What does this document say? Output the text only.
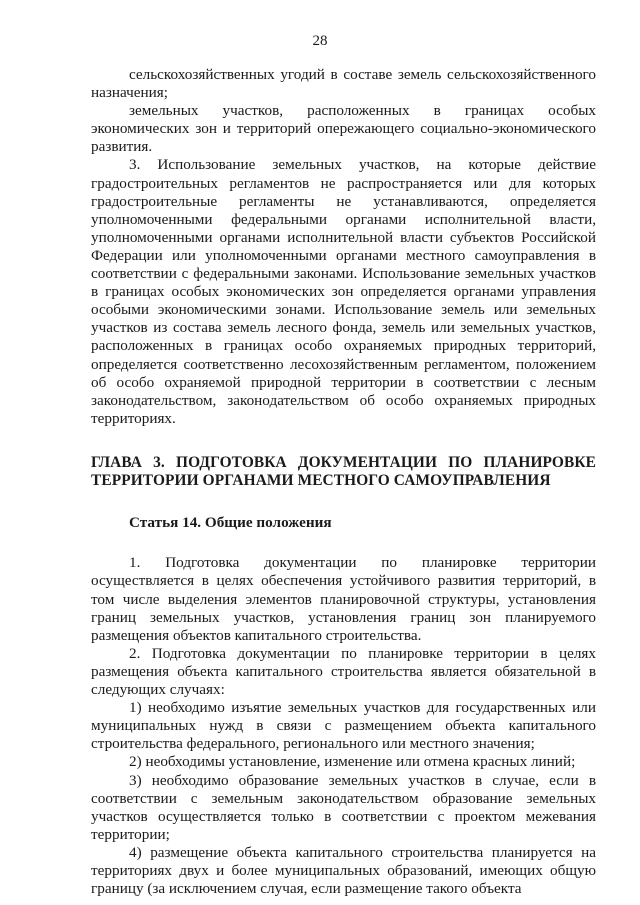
28

сельскохозяйственных угодий в составе земель сельскохозяйственного назначения;

земельных участков, расположенных в границах особых экономических зон и территорий опережающего социально-экономического развития.

3. Использование земельных участков, на которые действие градостроительных регламентов не распространяется или для которых градостроительные регламенты не устанавливаются, определяется уполномоченными федеральными органами исполнительной власти, уполномоченными органами исполнительной власти субъектов Российской Федерации или уполномоченными органами местного самоуправления в соответствии с федеральными законами. Использование земельных участков в границах особых экономических зон определяется органами управления особыми экономическими зонами. Использование земель или земельных участков из состава земель лесного фонда, земель или земельных участков, расположенных в границах особо охраняемых природных территорий, определяется соответственно лесохозяйственным регламентом, положением об особо охраняемой природной территории в соответствии с лесным законодательством, законодательством об особо охраняемых природных территориях.

ГЛАВА 3. ПОДГОТОВКА ДОКУМЕНТАЦИИ ПО ПЛАНИРОВКЕ ТЕРРИТОРИИ ОРГАНАМИ МЕСТНОГО САМОУПРАВЛЕНИЯ
Статья 14. Общие положения

1. Подготовка документации по планировке территории осуществляется в целях обеспечения устойчивого развития территорий, в том числе выделения элементов планировочной структуры, установления границ земельных участков, установления границ зон планируемого размещения объектов капитального строительства.

2. Подготовка документации по планировке территории в целях размещения объекта капитального строительства является обязательной в следующих случаях:

1) необходимо изъятие земельных участков для государственных или муниципальных нужд в связи с размещением объекта капитального строительства федерального, регионального или местного значения;

2) необходимы установление, изменение или отмена красных линий;

3) необходимо образование земельных участков в случае, если в соответствии с земельным законодательством образование земельных участков осуществляется только в соответствии с проектом межевания территории;

4) размещение объекта капитального строительства планируется на территориях двух и более муниципальных образований, имеющих общую границу (за исключением случая, если размещение такого объекта
